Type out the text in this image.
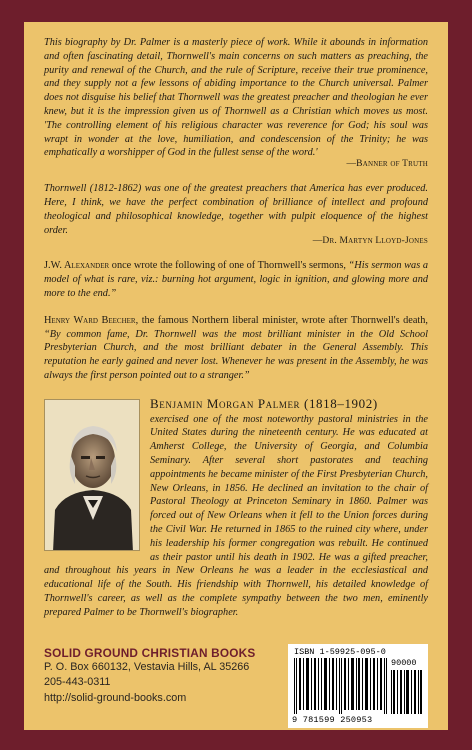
This biography by Dr. Palmer is a masterly piece of work. While it abounds in information and often fascinating detail, Thornwell's main concerns on such matters as preaching, the purity and renewal of the Church, and the rule of Scripture, receive their true prominence, and they supply not a few lessons of abiding importance to the Church universal. Palmer does not disguise his belief that Thornwell was the greatest preacher and theologian he ever knew, but it is the impression given us of Thornwell as a Christian which moves us most. 'The controlling element of his religious character was reverence for God; his soul was wrapt in wonder at the love, humiliation, and condescension of the Trinity; he was emphatically a worshipper of God in the fullest sense of the word.'
—Banner of Truth
Thornwell (1812-1862) was one of the greatest preachers that America has ever produced. Here, I think, we have the perfect combination of brilliance of intellect and profound theological and philosophical knowledge, together with pulpit eloquence of the highest order.
—Dr. Martyn Lloyd-Jones
J.W. Alexander once wrote the following of one of Thornwell's sermons, “His sermon was a model of what is rare, viz.: burning hot argument, logic in ignition, and glowing more and more to the end.”
Henry Ward Beecher, the famous Northern liberal minister, wrote after Thornwell's death, “By common fame, Dr. Thornwell was the most brilliant minister in the Old School Presbyterian Church, and the most brilliant debater in the General Assembly. This reputation he early gained and never lost. Whenever he was present in the Assembly, he was always the first person pointed out to a stranger.”
Benjamin Morgan Palmer (1818–1902)
exercised one of the most noteworthy pastoral ministries in the United States during the nineteenth century. He was educated at Amherst College, the University of Georgia, and Columbia Seminary. After several short pastorates and teaching appointments he became minister of the First Presbyterian Church, New Orleans, in 1856. He declined an invitation to the chair of Pastoral Theology at Princeton Seminary in 1860. Palmer was forced out of New Orleans when it fell to the Union forces during the Civil War. He returned in 1865 to the ruined city where, under his leadership his former congregation was rebuilt. He continued as their pastor until his death in 1902. He was a gifted preacher, and throughout his years in New Orleans he was a leader in the ecclesiastical and educational life of the South. His friendship with Thornwell, his detailed knowledge of Thornwell's career, as well as the complete sympathy between the two men, eminently prepared Palmer to be Thornwell's biographer.
SOLID GROUND CHRISTIAN BOOKS
P. O. Box 660132, Vestavia Hills, AL 35266
205-443-0311
http://solid-ground-books.com
ISBN 1-59925-095-0
90000
9 781599 250953
